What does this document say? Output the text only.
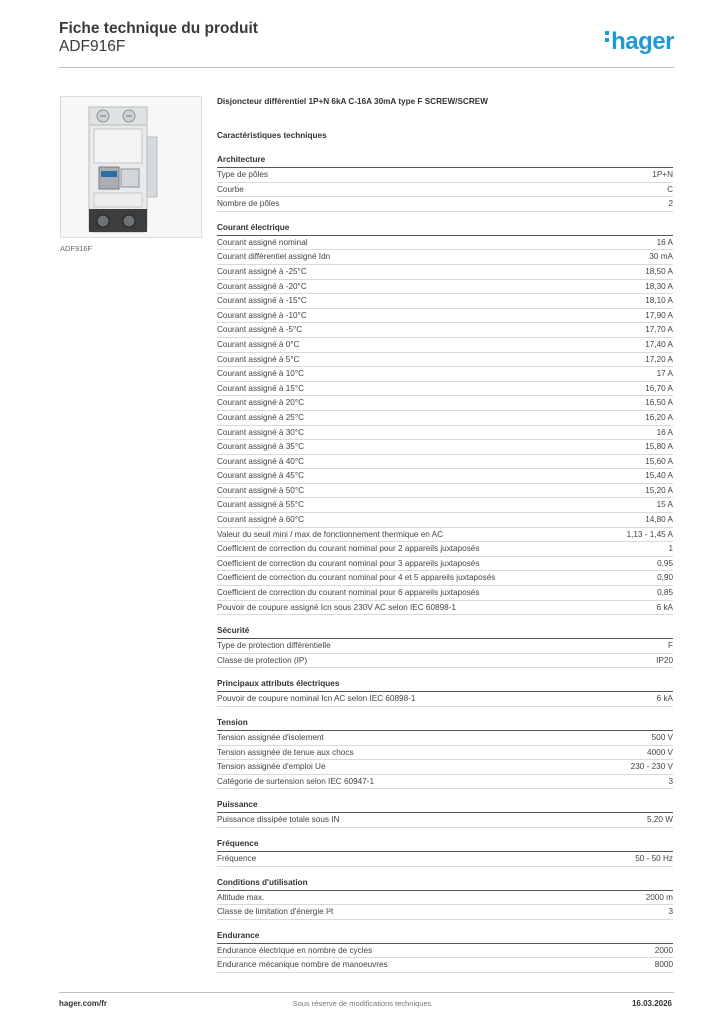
Fiche technique du produit
ADF916F	hager
ADF916F
Disjoncteur différentiel 1P+N 6kA C-16A 30mA type F SCREW/SCREW
Caractéristiques techniques
Architecture
Type de pôles	1P+N
Courbe	C
Nombre de pôles	2
Courant électrique
Courant assigné nominal	16 A
Courant différentiel assigné Idn	30 mA
Courant assigné à -25°C	18,50 A
Courant assigné à -20°C	18,30 A
Courant assigné à -15°C	18,10 A
Courant assigné à -10°C	17,90 A
Courant assigné à -5°C	17,70 A
Courant assigné à 0°C	17,40 A
Courant assigné à 5°C	17,20 A
Courant assigné à 10°C	17 A
Courant assigné à 15°C	16,70 A
Courant assigné à 20°C	16,50 A
Courant assigné à 25°C	16,20 A
Courant assigné à 30°C	16 A
Courant assigné à 35°C	15,80 A
Courant assigné à 40°C	15,60 A
Courant assigné à 45°C	15,40 A
Courant assigné à 50°C	15,20 A
Courant assigné à 55°C	15 A
Courant assigné à 60°C	14,80 A
Valeur du seuil mini / max de fonctionnement thermique en AC	1,13 - 1,45 A
Coefficient de correction du courant nominal pour 2 appareils juxtaposés	1
Coefficient de correction du courant nominal pour 3 appareils juxtaposés	0,95
Coefficient de correction du courant nominal pour 4 et 5 appareils juxtaposés	0,90
Coefficient de correction du courant nominal pour 6 appareils juxtaposés	0,85
Pouvoir de coupure assigné Icn sous 230V AC selon IEC 60898-1	6 kA
Sécurité
Type de protection différentielle	F
Classe de protection (IP)	IP20
Principaux attributs électriques
Pouvoir de coupure nominal Icn AC selon IEC 60898-1	6 kA
Tension
Tension assignée d'isolement	500 V
Tension assignée de tenue aux chocs	4000 V
Tension assignée d'emploi Ue	230 - 230 V
Catégorie de surtension selon IEC 60947-1	3
Puissance
Puissance dissipée totale sous IN	5,20 W
Fréquence
Fréquence	50 - 50 Hz
Conditions d'utilisation
Altitude max.	2000 m
Classe de limitation d'énergie I²t	3
Endurance
Endurance électrique en nombre de cycles	2000
Endurance mécanique nombre de manoeuvres	8000
hager.com/fr	Sous réserve de modifications techniques	16.03.2026
